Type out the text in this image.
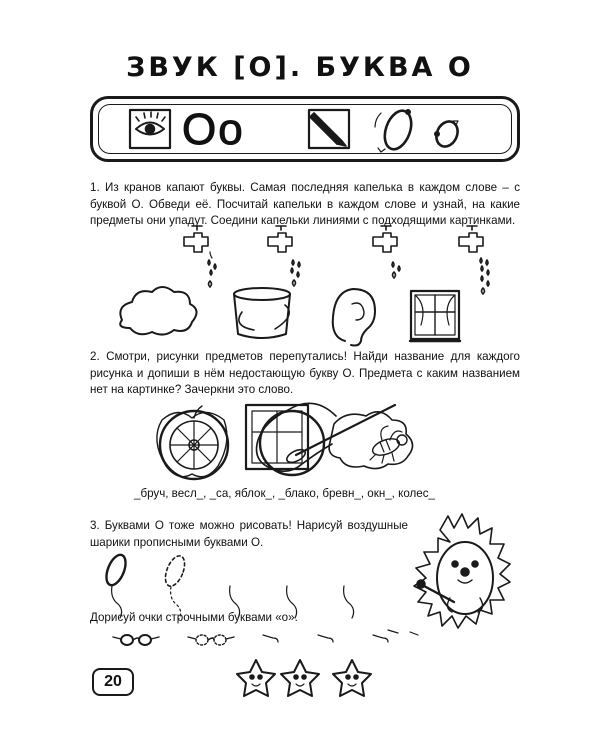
ЗВУК [О]. БУКВА О
Оо
1. Из кранов капают буквы. Самая последняя капелька в каждом слове – с буквой О. Обведи её. Посчитай капельки в каждом слове и узнай, на какие предметы они упадут. Соедини капельки линиями с подходящими картинками.
2. Смотри, рисунки предметов перепутались! Найди название для каждого рисунка и допиши в нём недостающую букву О. Предмета с каким названием нет на картинке? Зачеркни это слово.
_бруч, весл_, _са, яблок_, _блако, бревн_, окн_, колес_
3. Буквами О тоже можно рисовать! Нарисуй воздушные шарики прописными буквами О.
Дорисуй очки строчными буквами «о».
20
